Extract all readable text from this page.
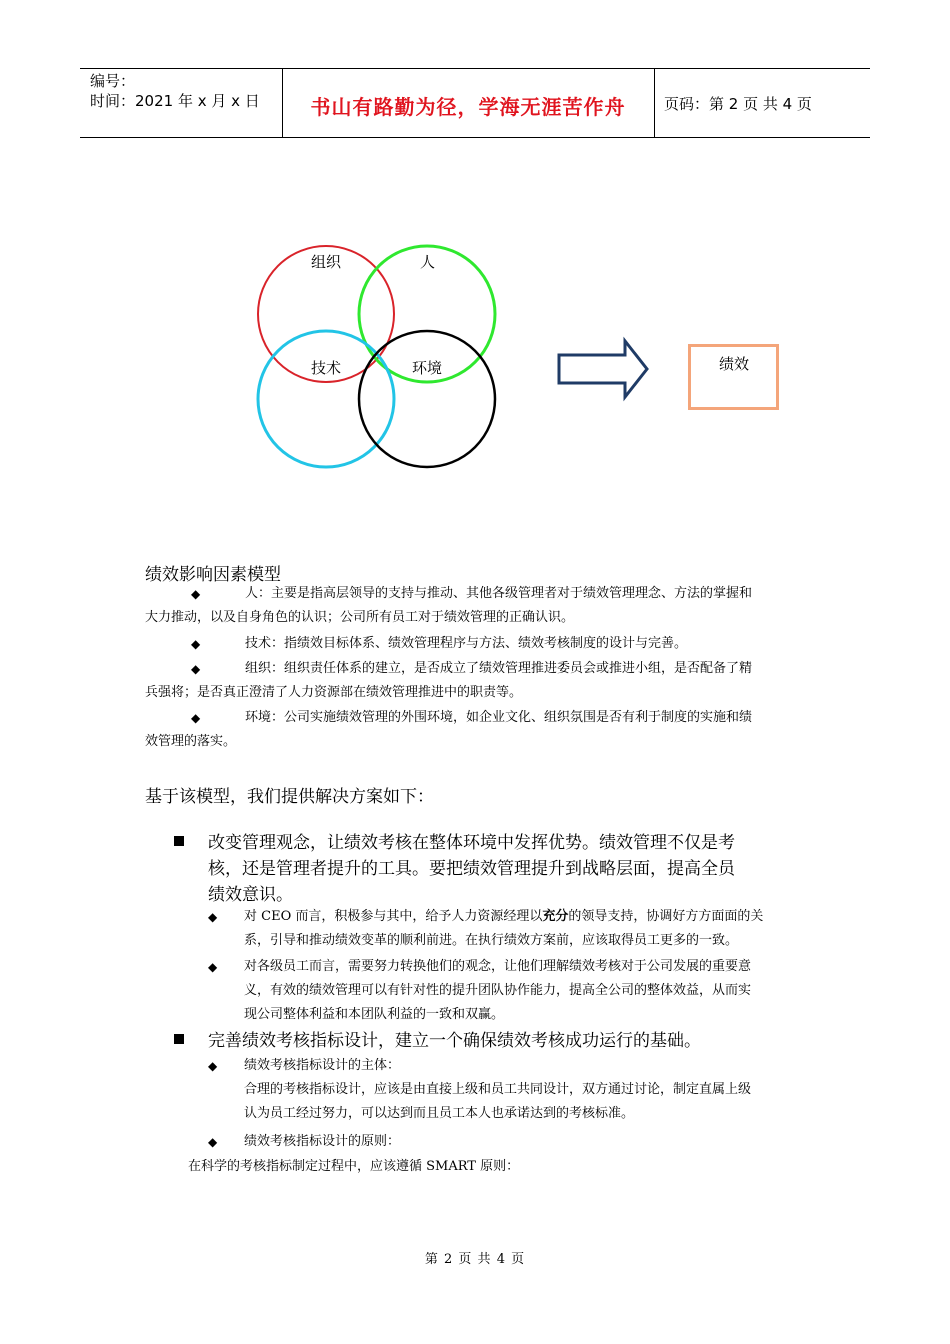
编号：
时间：2021 年 x 月 x 日	书山有路勤为径，学海无涯苦作舟	页码：第 2 页 共 4 页
组织	人
技术	环境	绩效
绩效影响因素模型
◆	人：主要是指高层领导的支持与推动、其他各级管理者对于绩效管理理念、方法的掌握和
大力推动，以及自身角色的认识；公司所有员工对于绩效管理的正确认识。
◆	技术：指绩效目标体系、绩效管理程序与方法、绩效考核制度的设计与完善。
◆	组织：组织责任体系的建立，是否成立了绩效管理推进委员会或推进小组，是否配备了精
兵强将；是否真正澄清了人力资源部在绩效管理推进中的职责等。
◆	环境：公司实施绩效管理的外围环境，如企业文化、组织氛围是否有利于制度的实施和绩
效管理的落实。
基于该模型，我们提供解决方案如下：
改变管理观念，让绩效考核在整体环境中发挥优势。绩效管理不仅是考
核，还是管理者提升的工具。要把绩效管理提升到战略层面，提高全员
绩效意识。
◆ 对 CEO 而言，积极参与其中，给予人力资源经理以充分的领导支持，协调好方方面面的关
系，引导和推动绩效变革的顺利前进。在执行绩效方案前，应该取得员工更多的一致。
◆ 对各级员工而言，需要努力转换他们的观念，让他们理解绩效考核对于公司发展的重要意
义，有效的绩效管理可以有针对性的提升团队协作能力，提高全公司的整体效益，从而实
现公司整体利益和本团队利益的一致和双赢。
完善绩效考核指标设计，建立一个确保绩效考核成功运行的基础。
◆ 绩效考核指标设计的主体：
合理的考核指标设计，应该是由直接上级和员工共同设计，双方通过讨论，制定直属上级
认为员工经过努力，可以达到而且员工本人也承诺达到的考核标准。
◆ 绩效考核指标设计的原则：
在科学的考核指标制定过程中，应该遵循 SMART 原则：
第 2 页 共 4 页
